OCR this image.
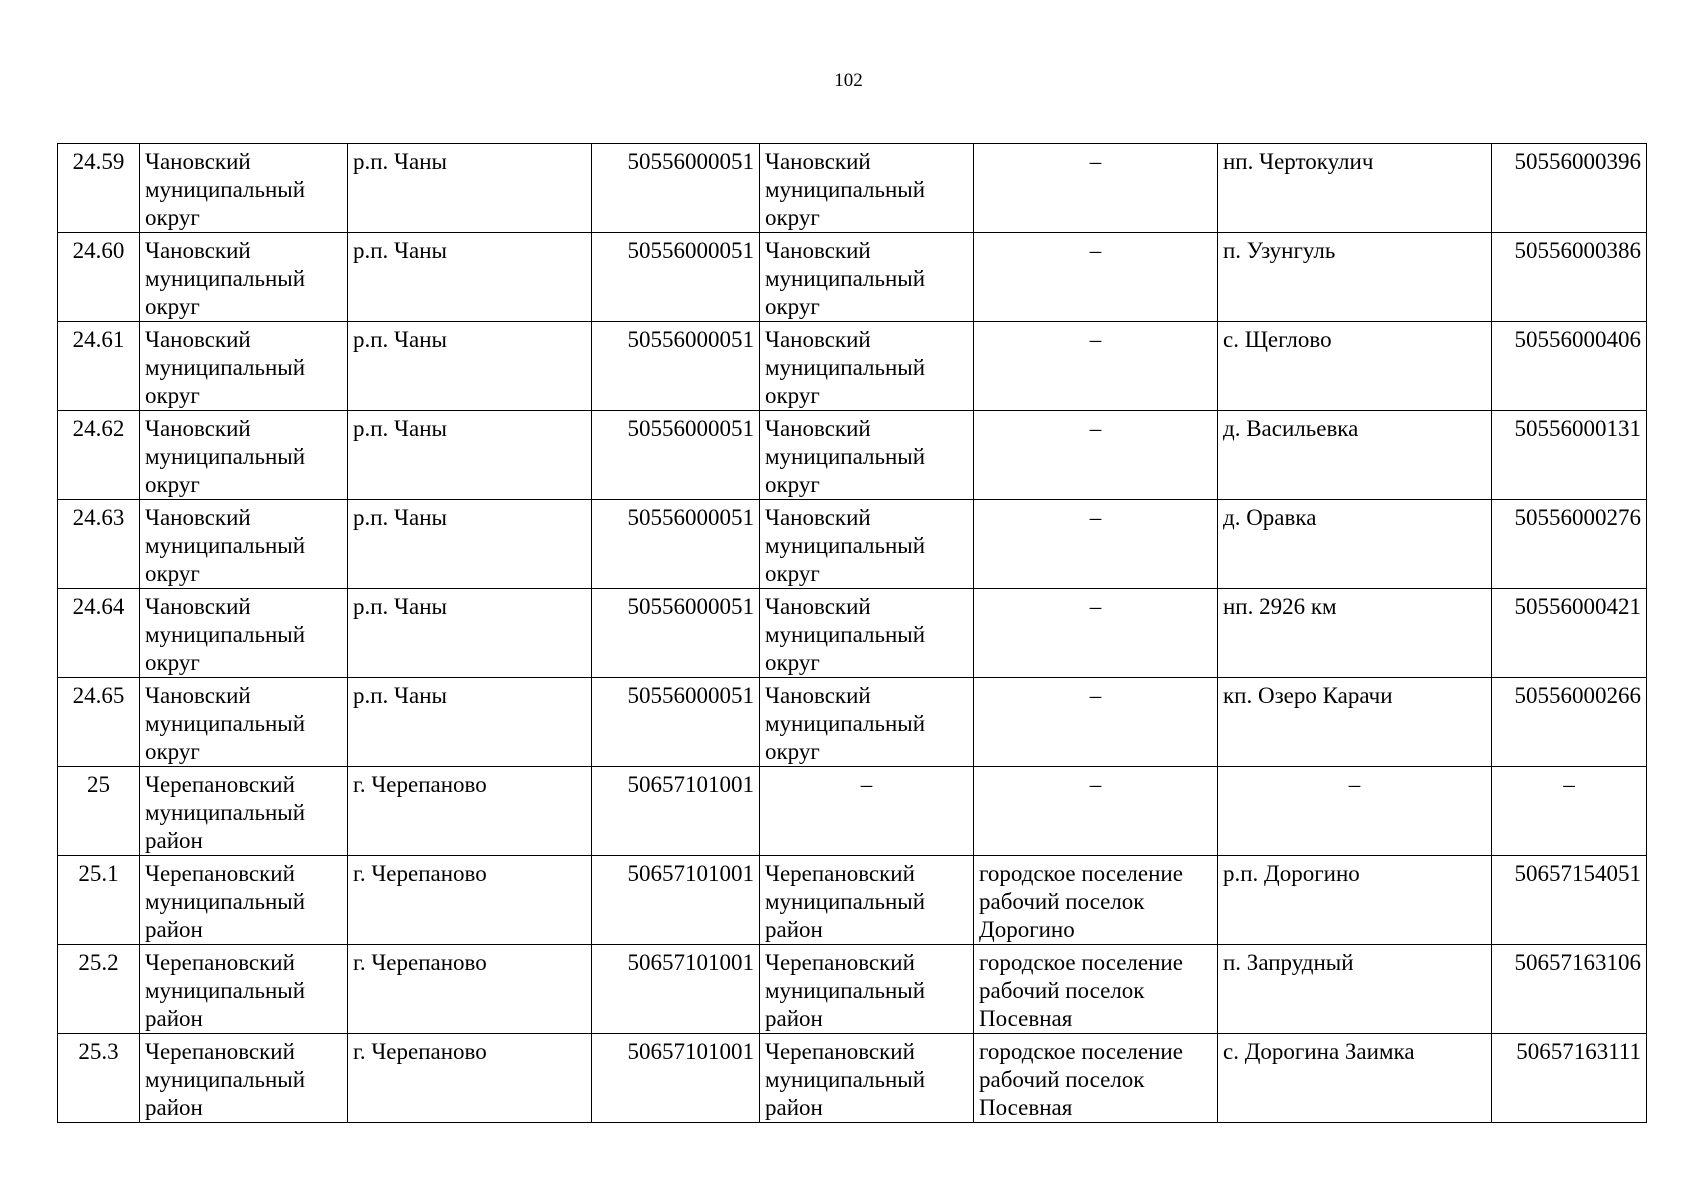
102
24.59	Чановский муниципальный округ	р.п. Чаны	50556000051	Чановский муниципальный округ	–	нп. Чертокулич	50556000396
24.60	Чановский муниципальный округ	р.п. Чаны	50556000051	Чановский муниципальный округ	–	п. Узунгуль	50556000386
24.61	Чановский муниципальный округ	р.п. Чаны	50556000051	Чановский муниципальный округ	–	с. Щеглово	50556000406
24.62	Чановский муниципальный округ	р.п. Чаны	50556000051	Чановский муниципальный округ	–	д. Васильевка	50556000131
24.63	Чановский муниципальный округ	р.п. Чаны	50556000051	Чановский муниципальный округ	–	д. Оравка	50556000276
24.64	Чановский муниципальный округ	р.п. Чаны	50556000051	Чановский муниципальный округ	–	нп. 2926 км	50556000421
24.65	Чановский муниципальный округ	р.п. Чаны	50556000051	Чановский муниципальный округ	–	кп. Озеро Карачи	50556000266
25	Черепановский муниципальный район	г. Черепаново	50657101001	–	–	–	–
25.1	Черепановский муниципальный район	г. Черепаново	50657101001	Черепановский муниципальный район	городское поселение рабочий поселок Дорогино	р.п. Дорогино	50657154051
25.2	Черепановский муниципальный район	г. Черепаново	50657101001	Черепановский муниципальный район	городское поселение рабочий поселок Посевная	п. Запрудный	50657163106
25.3	Черепановский муниципальный район	г. Черепаново	50657101001	Черепановский муниципальный район	городское поселение рабочий поселок Посевная	с. Дорогина Заимка	50657163111
